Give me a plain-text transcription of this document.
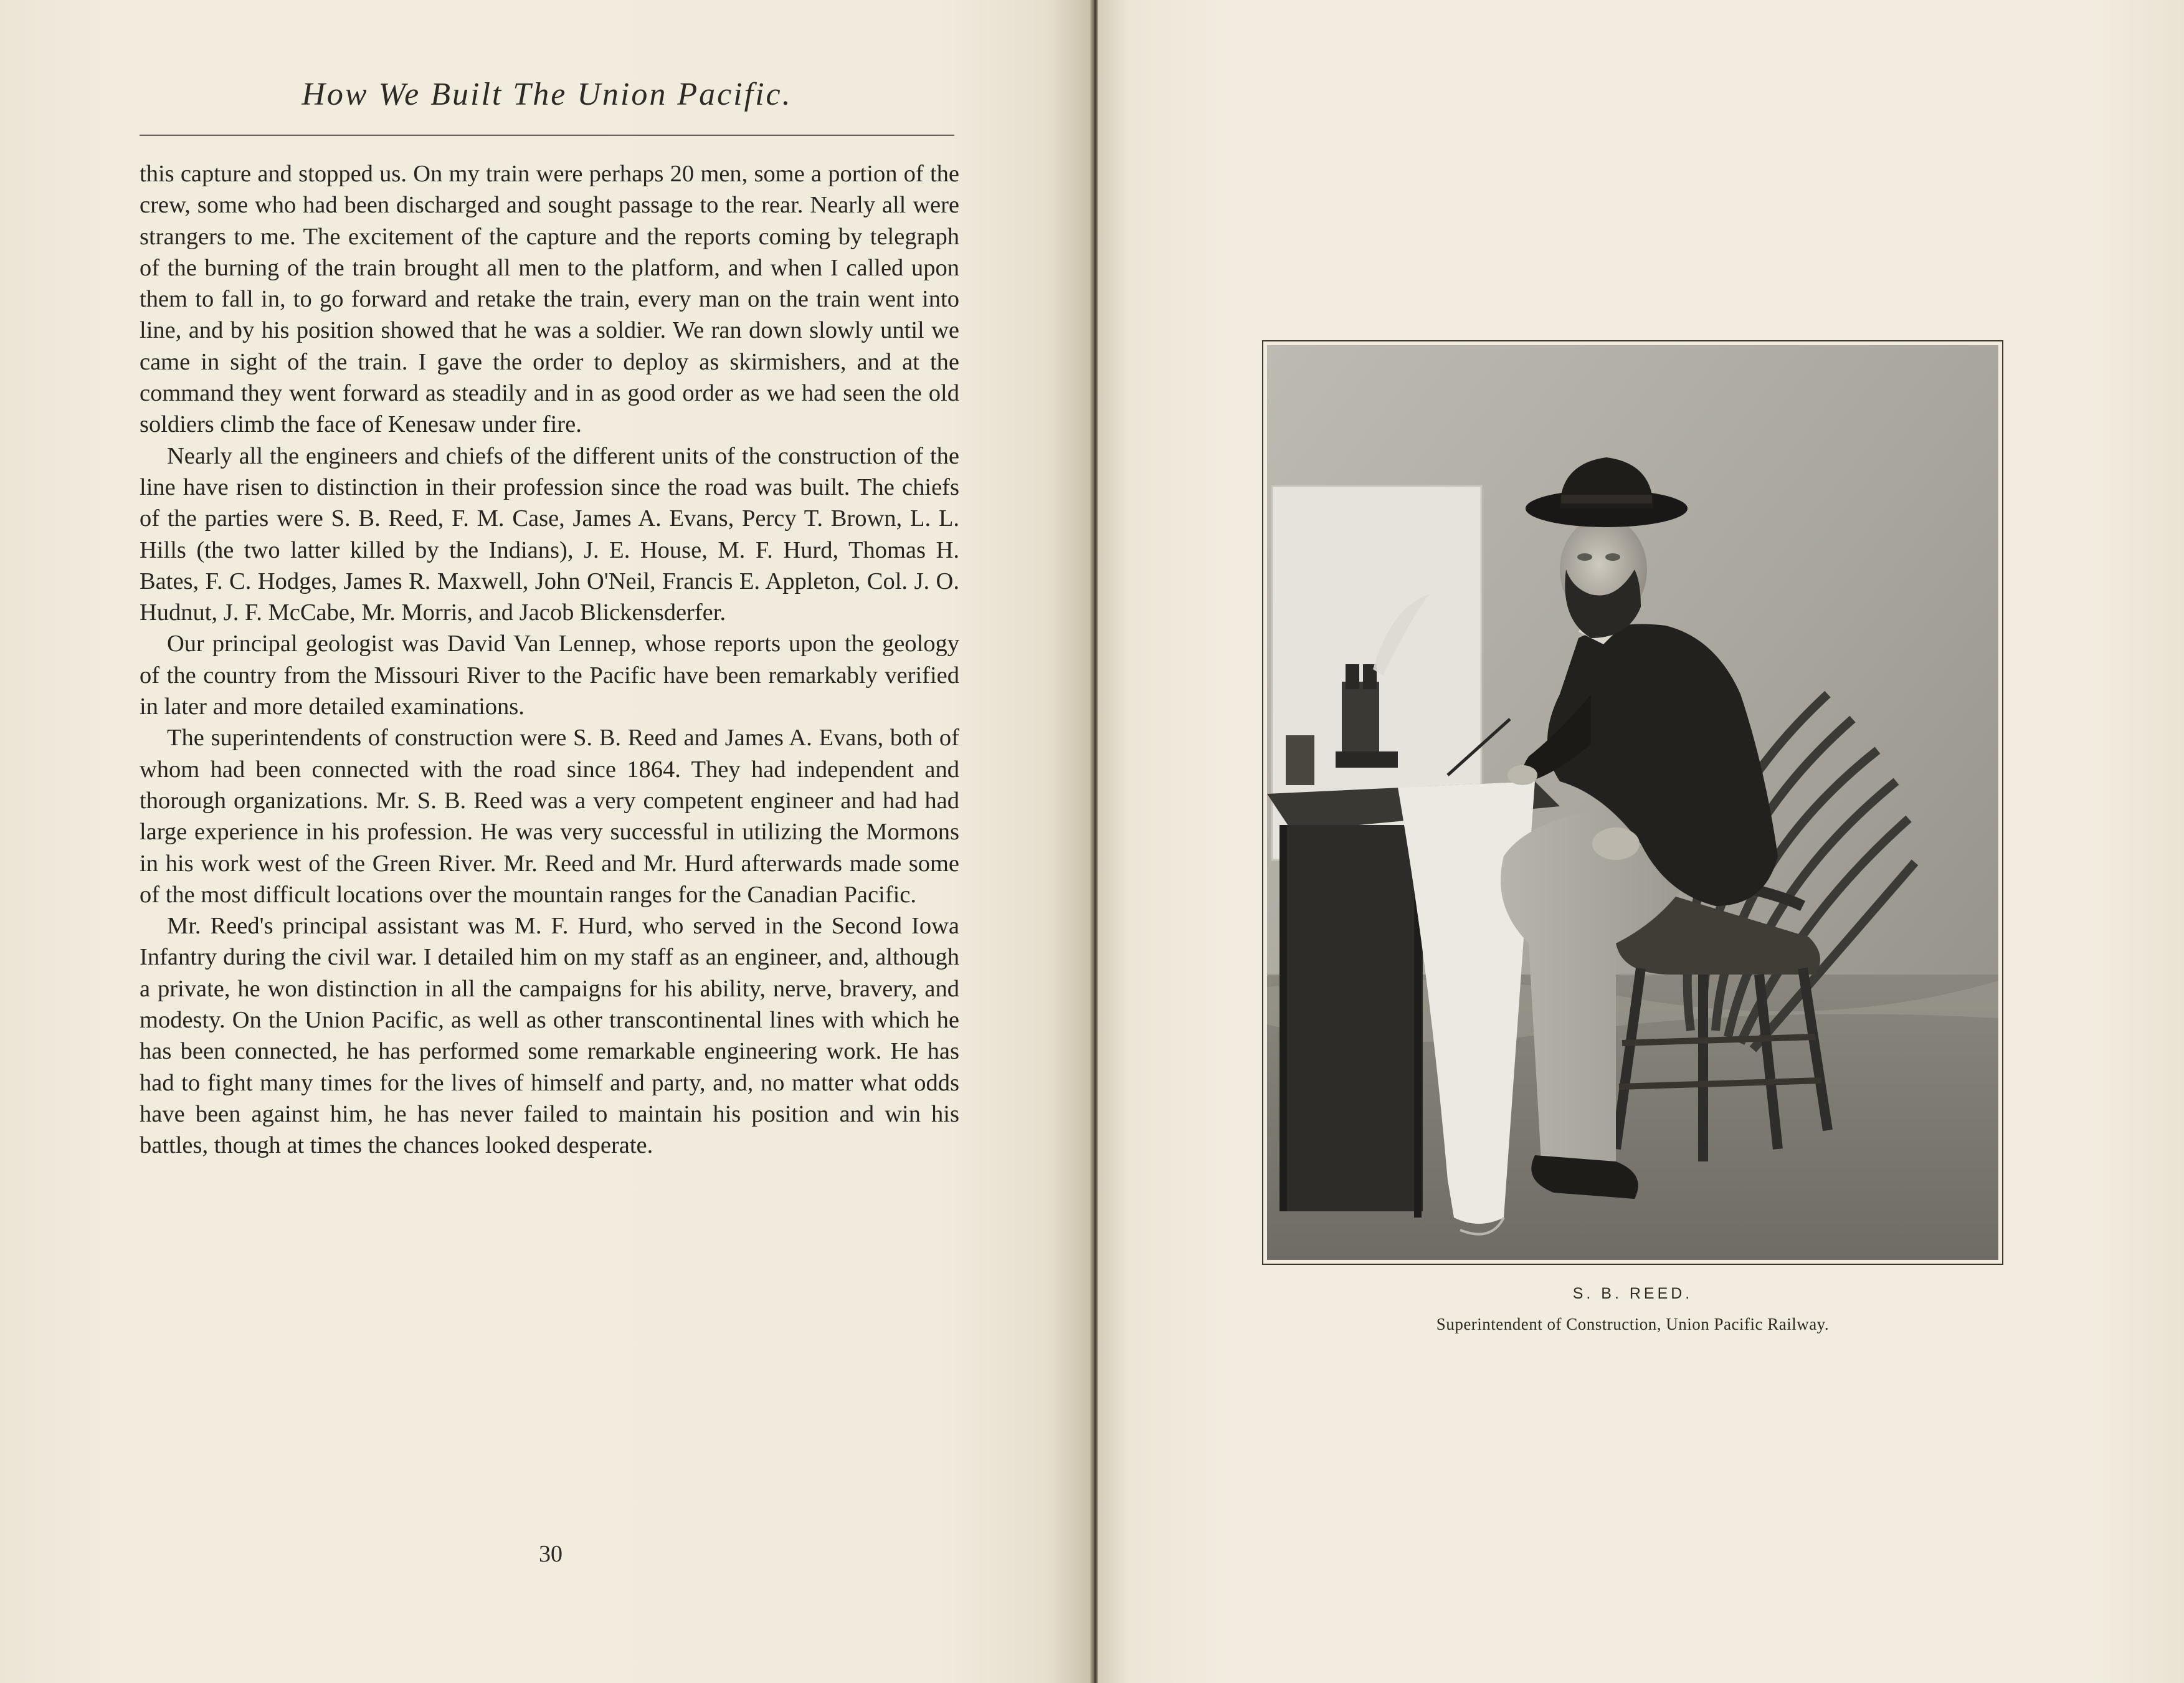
How We Built The Union Pacific.

this capture and stopped us. On my train were perhaps 20 men, some a portion of the crew, some who had been discharged and sought passage to the rear. Nearly all were strangers to me. The excitement of the capture and the reports coming by telegraph of the burning of the train brought all men to the platform, and when I called upon them to fall in, to go forward and retake the train, every man on the train went into line, and by his position showed that he was a soldier. We ran down slowly until we came in sight of the train. I gave the order to deploy as skirmishers, and at the command they went forward as steadily and in as good order as we had seen the old soldiers climb the face of Kenesaw under fire.

Nearly all the engineers and chiefs of the different units of the construction of the line have risen to distinction in their profession since the road was built. The chiefs of the parties were S. B. Reed, F. M. Case, James A. Evans, Percy T. Brown, L. L. Hills (the two latter killed by the Indians), J. E. House, M. F. Hurd, Thomas H. Bates, F. C. Hodges, James R. Maxwell, John O'Neil, Francis E. Appleton, Col. J. O. Hudnut, J. F. McCabe, Mr. Morris, and Jacob Blickensderfer.

Our principal geologist was David Van Lennep, whose reports upon the geology of the country from the Missouri River to the Pacific have been remarkably verified in later and more detailed examinations.

The superintendents of construction were S. B. Reed and James A. Evans, both of whom had been connected with the road since 1864. They had independent and thorough organizations. Mr. S. B. Reed was a very competent engineer and had had large experience in his profession. He was very successful in utilizing the Mormons in his work west of the Green River. Mr. Reed and Mr. Hurd afterwards made some of the most difficult locations over the mountain ranges for the Canadian Pacific.

Mr. Reed's principal assistant was M. F. Hurd, who served in the Second Iowa Infantry during the civil war. I detailed him on my staff as an engineer, and, although a private, he won distinction in all the campaigns for his ability, nerve, bravery, and modesty. On the Union Pacific, as well as other transcontinental lines with which he has been connected, he has performed some remarkable engineering work. He has had to fight many times for the lives of himself and party, and, no matter what odds have been against him, he has never failed to maintain his position and win his battles, though at times the chances looked desperate.

30
S. B. REED.
Superintendent of Construction, Union Pacific Railway.
